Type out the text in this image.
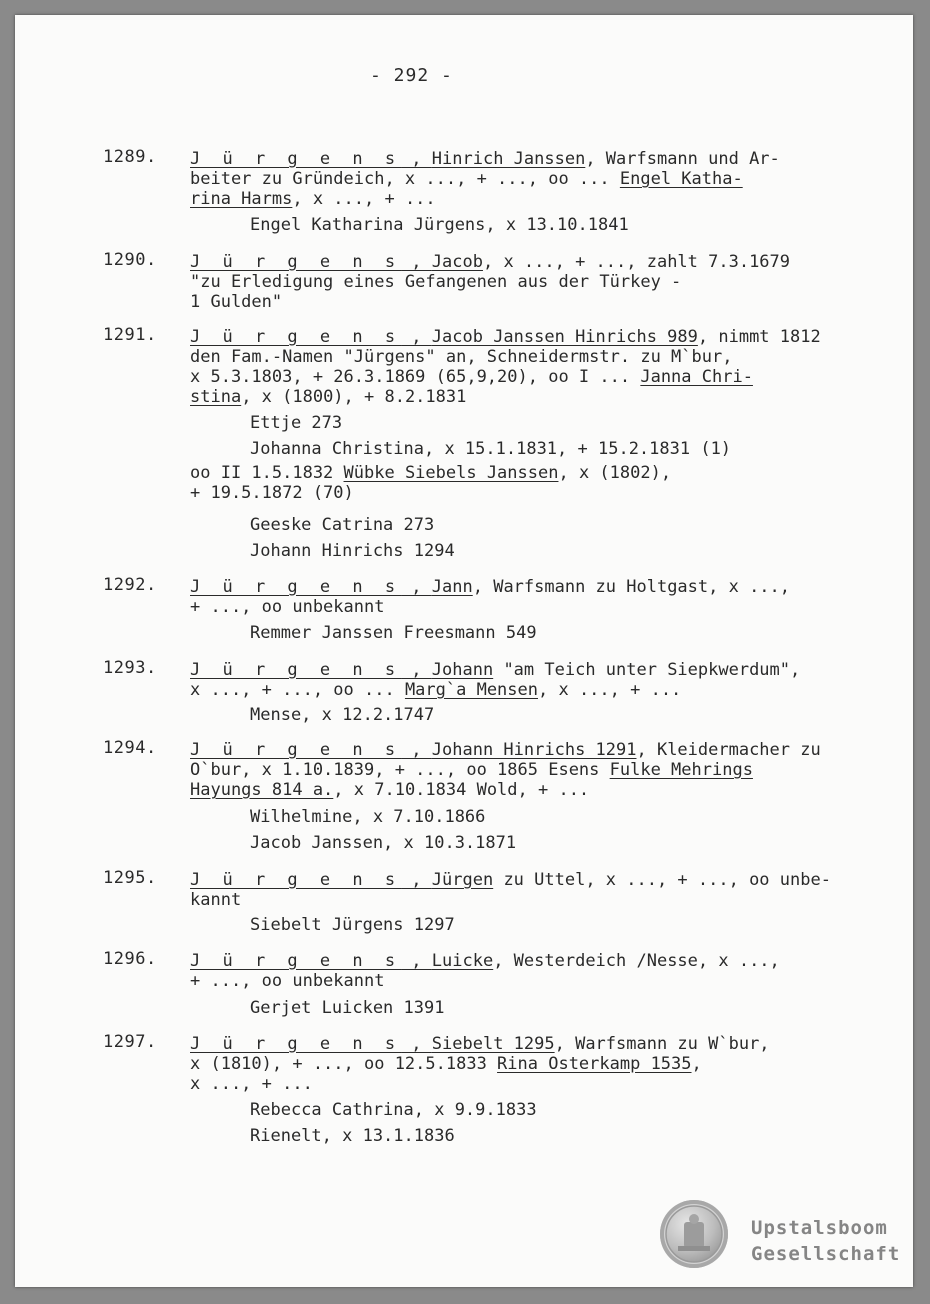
- 292 -
1289. J ü r g e n s , Hinrich Janssen, Warfsmann und Ar-
beiter zu Gründeich, x ..., + ..., oo ... Engel Katha-
rina Harms, x ..., + ...
Engel Katharina Jürgens, x 13.10.1841
1290. J ü r g e n s , Jacob, x ..., + ..., zahlt 7.3.1679
"zu Erledigung eines Gefangenen aus der Türkey -
1 Gulden"
1291. J ü r g e n s , Jacob Janssen Hinrichs 989, nimmt 1812
den Fam.-Namen "Jürgens" an, Schneidermstr. zu M`bur,
x 5.3.1803, + 26.3.1869 (65,9,20), oo I ... Janna Chri-
stina, x (1800), + 8.2.1831
Ettje 273
Johanna Christina, x 15.1.1831, + 15.2.1831 (1)
oo II 1.5.1832 Wübke Siebels Janssen, x (1802),
+ 19.5.1872 (70)
Geeske Catrina 273
Johann Hinrichs 1294
1292. J ü r g e n s , Jann, Warfsmann zu Holtgast, x ...,
+ ..., oo unbekannt
Remmer Janssen Freesmann 549
1293. J ü r g e n s , Johann "am Teich unter Siepkwerdum",
x ..., + ..., oo ... Marg`a Mensen, x ..., + ...
Mense, x 12.2.1747
1294. J ü r g e n s , Johann Hinrichs 1291, Kleidermacher zu
O`bur, x 1.10.1839, + ..., oo 1865 Esens Fulke Mehrings
Hayungs 814 a., x 7.10.1834 Wold, + ...
Wilhelmine, x 7.10.1866
Jacob Janssen, x 10.3.1871
1295. J ü r g e n s , Jürgen zu Uttel, x ..., + ..., oo unbe-
kannt
Siebelt Jürgens 1297
1296. J ü r g e n s , Luicke, Westerdeich /Nesse, x ...,
+ ..., oo unbekannt
Gerjet Luicken 1391
1297. J ü r g e n s , Siebelt 1295, Warfsmann zu W`bur,
x (1810), + ..., oo 12.5.1833 Rina Osterkamp 1535,
x ..., + ...
Rebecca Cathrina, x 9.9.1833
Rienelt, x 13.1.1836
Upstalsboom
Gesellschaft
